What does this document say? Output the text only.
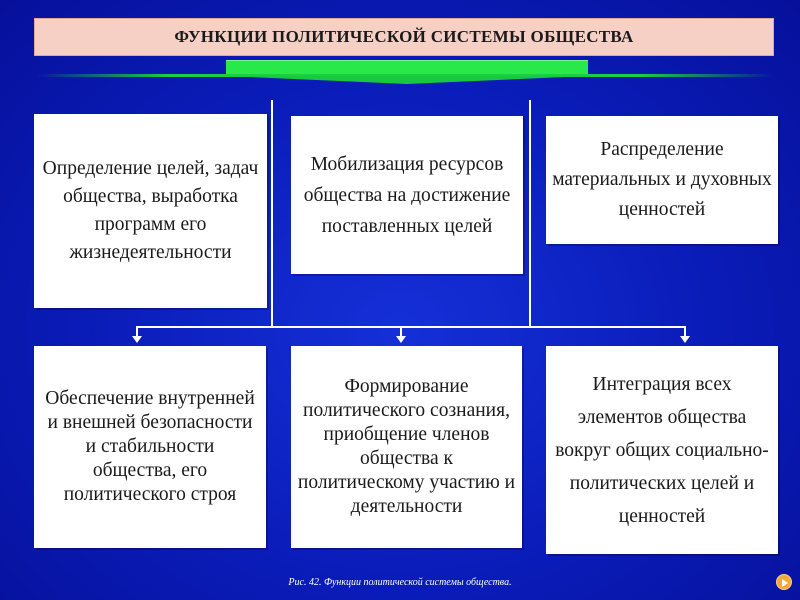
ФУНКЦИИ ПОЛИТИЧЕСКОЙ СИСТЕМЫ ОБЩЕСТВА
Определение целей, задач общества, выработка программ его жизнедеятельности
Мобилизация ресурсов общества на достижение поставленных целей
Распределение материальных и духовных ценностей
Обеспечение внутренней и внешней безопасности и стабильности общества, его политического строя
Формирование политического сознания, приобщение членов общества к политическому участию и деятельности
Интеграция всех элементов общества вокруг общих социально-политических целей и ценностей
Рис. 42. Функции политической системы общества.
